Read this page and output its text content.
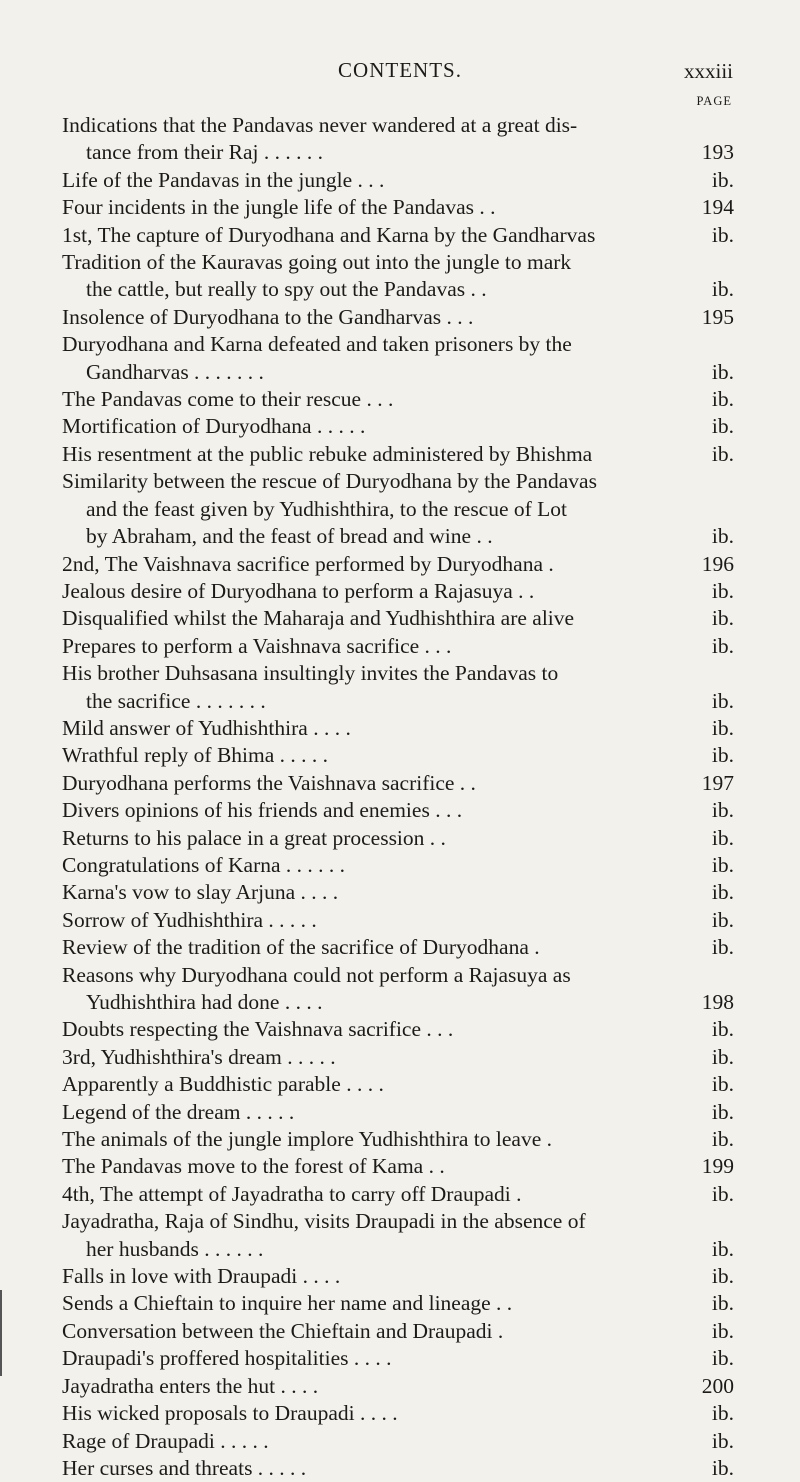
CONTENTS.	xxxiii
PAGE
Indications that the Pandavas never wandered at a great dis-
tance from their Raj . . . . . .	193
Life of the Pandavas in the jungle . . .	ib.
Four incidents in the jungle life of the Pandavas . .	194
1st, The capture of Duryodhana and Karna by the Gandharvas	ib.
Tradition of the Kauravas going out into the jungle to mark
the cattle, but really to spy out the Pandavas . .	ib.
Insolence of Duryodhana to the Gandharvas . . .	195
Duryodhana and Karna defeated and taken prisoners by the
Gandharvas . . . . . . .	ib.
The Pandavas come to their rescue . . .	ib.
Mortification of Duryodhana . . . . .	ib.
His resentment at the public rebuke administered by Bhishma	ib.
Similarity between the rescue of Duryodhana by the Pandavas
and the feast given by Yudhishthira, to the rescue of Lot
by Abraham, and the feast of bread and wine . .	ib.
2nd, The Vaishnava sacrifice performed by Duryodhana .	196
Jealous desire of Duryodhana to perform a Rajasuya . .	ib.
Disqualified whilst the Maharaja and Yudhishthira are alive	ib.
Prepares to perform a Vaishnava sacrifice . . .	ib.
His brother Duhsasana insultingly invites the Pandavas to
the sacrifice . . . . . . .	ib.
Mild answer of Yudhishthira . . . .	ib.
Wrathful reply of Bhima . . . . .	ib.
Duryodhana performs the Vaishnava sacrifice . .	197
Divers opinions of his friends and enemies . . .	ib.
Returns to his palace in a great procession . .	ib.
Congratulations of Karna . . . . . .	ib.
Karna's vow to slay Arjuna . . . .	ib.
Sorrow of Yudhishthira . . . . .	ib.
Review of the tradition of the sacrifice of Duryodhana .	ib.
Reasons why Duryodhana could not perform a Rajasuya as
Yudhishthira had done . . . .	198
Doubts respecting the Vaishnava sacrifice . . .	ib.
3rd, Yudhishthira's dream . . . . .	ib.
Apparently a Buddhistic parable . . . .	ib.
Legend of the dream . . . . .	ib.
The animals of the jungle implore Yudhishthira to leave .	ib.
The Pandavas move to the forest of Kama . .	199
4th, The attempt of Jayadratha to carry off Draupadi .	ib.
Jayadratha, Raja of Sindhu, visits Draupadi in the absence of
her husbands . . . . . .	ib.
Falls in love with Draupadi . . . .	ib.
Sends a Chieftain to inquire her name and lineage . .	ib.
Conversation between the Chieftain and Draupadi .	ib.
Draupadi's proffered hospitalities . . . .	ib.
Jayadratha enters the hut . . . .	200
His wicked proposals to Draupadi . . . .	ib.
Rage of Draupadi . . . . .	ib.
Her curses and threats . . . . .	ib.
